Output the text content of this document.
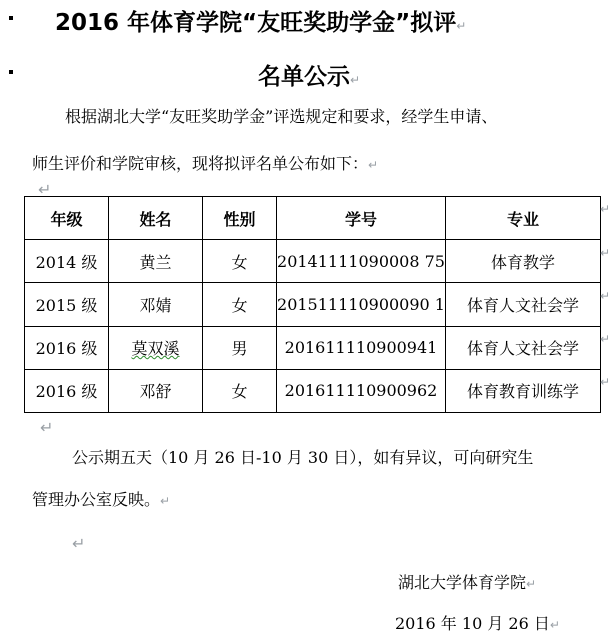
2016 年体育学院“友旺奖助学金”拟评↵
名单公示↵
根据湖北大学“友旺奖助学金”评选规定和要求，经学生申请、
师生评价和学院审核，现将拟评名单公布如下：↵
↵
年级	姓名	性别	学号	专业
2014 级	黄兰	女	20141111090008 75	体育教学
2015 级	邓婧	女	201511110900090 1	体育人文社会学
2016 级	莫双溪	男	201611110900941	体育人文社会学
2016 级	邓舒	女	201611110900962	体育教育训练学
↵
↵
↵
↵
↵
↵
公示期五天（10 月 26 日-10 月 30 日），如有异议，可向研究生
管理办公室反映。↵
↵
湖北大学体育学院↵
2016 年 10 月 26 日↵
